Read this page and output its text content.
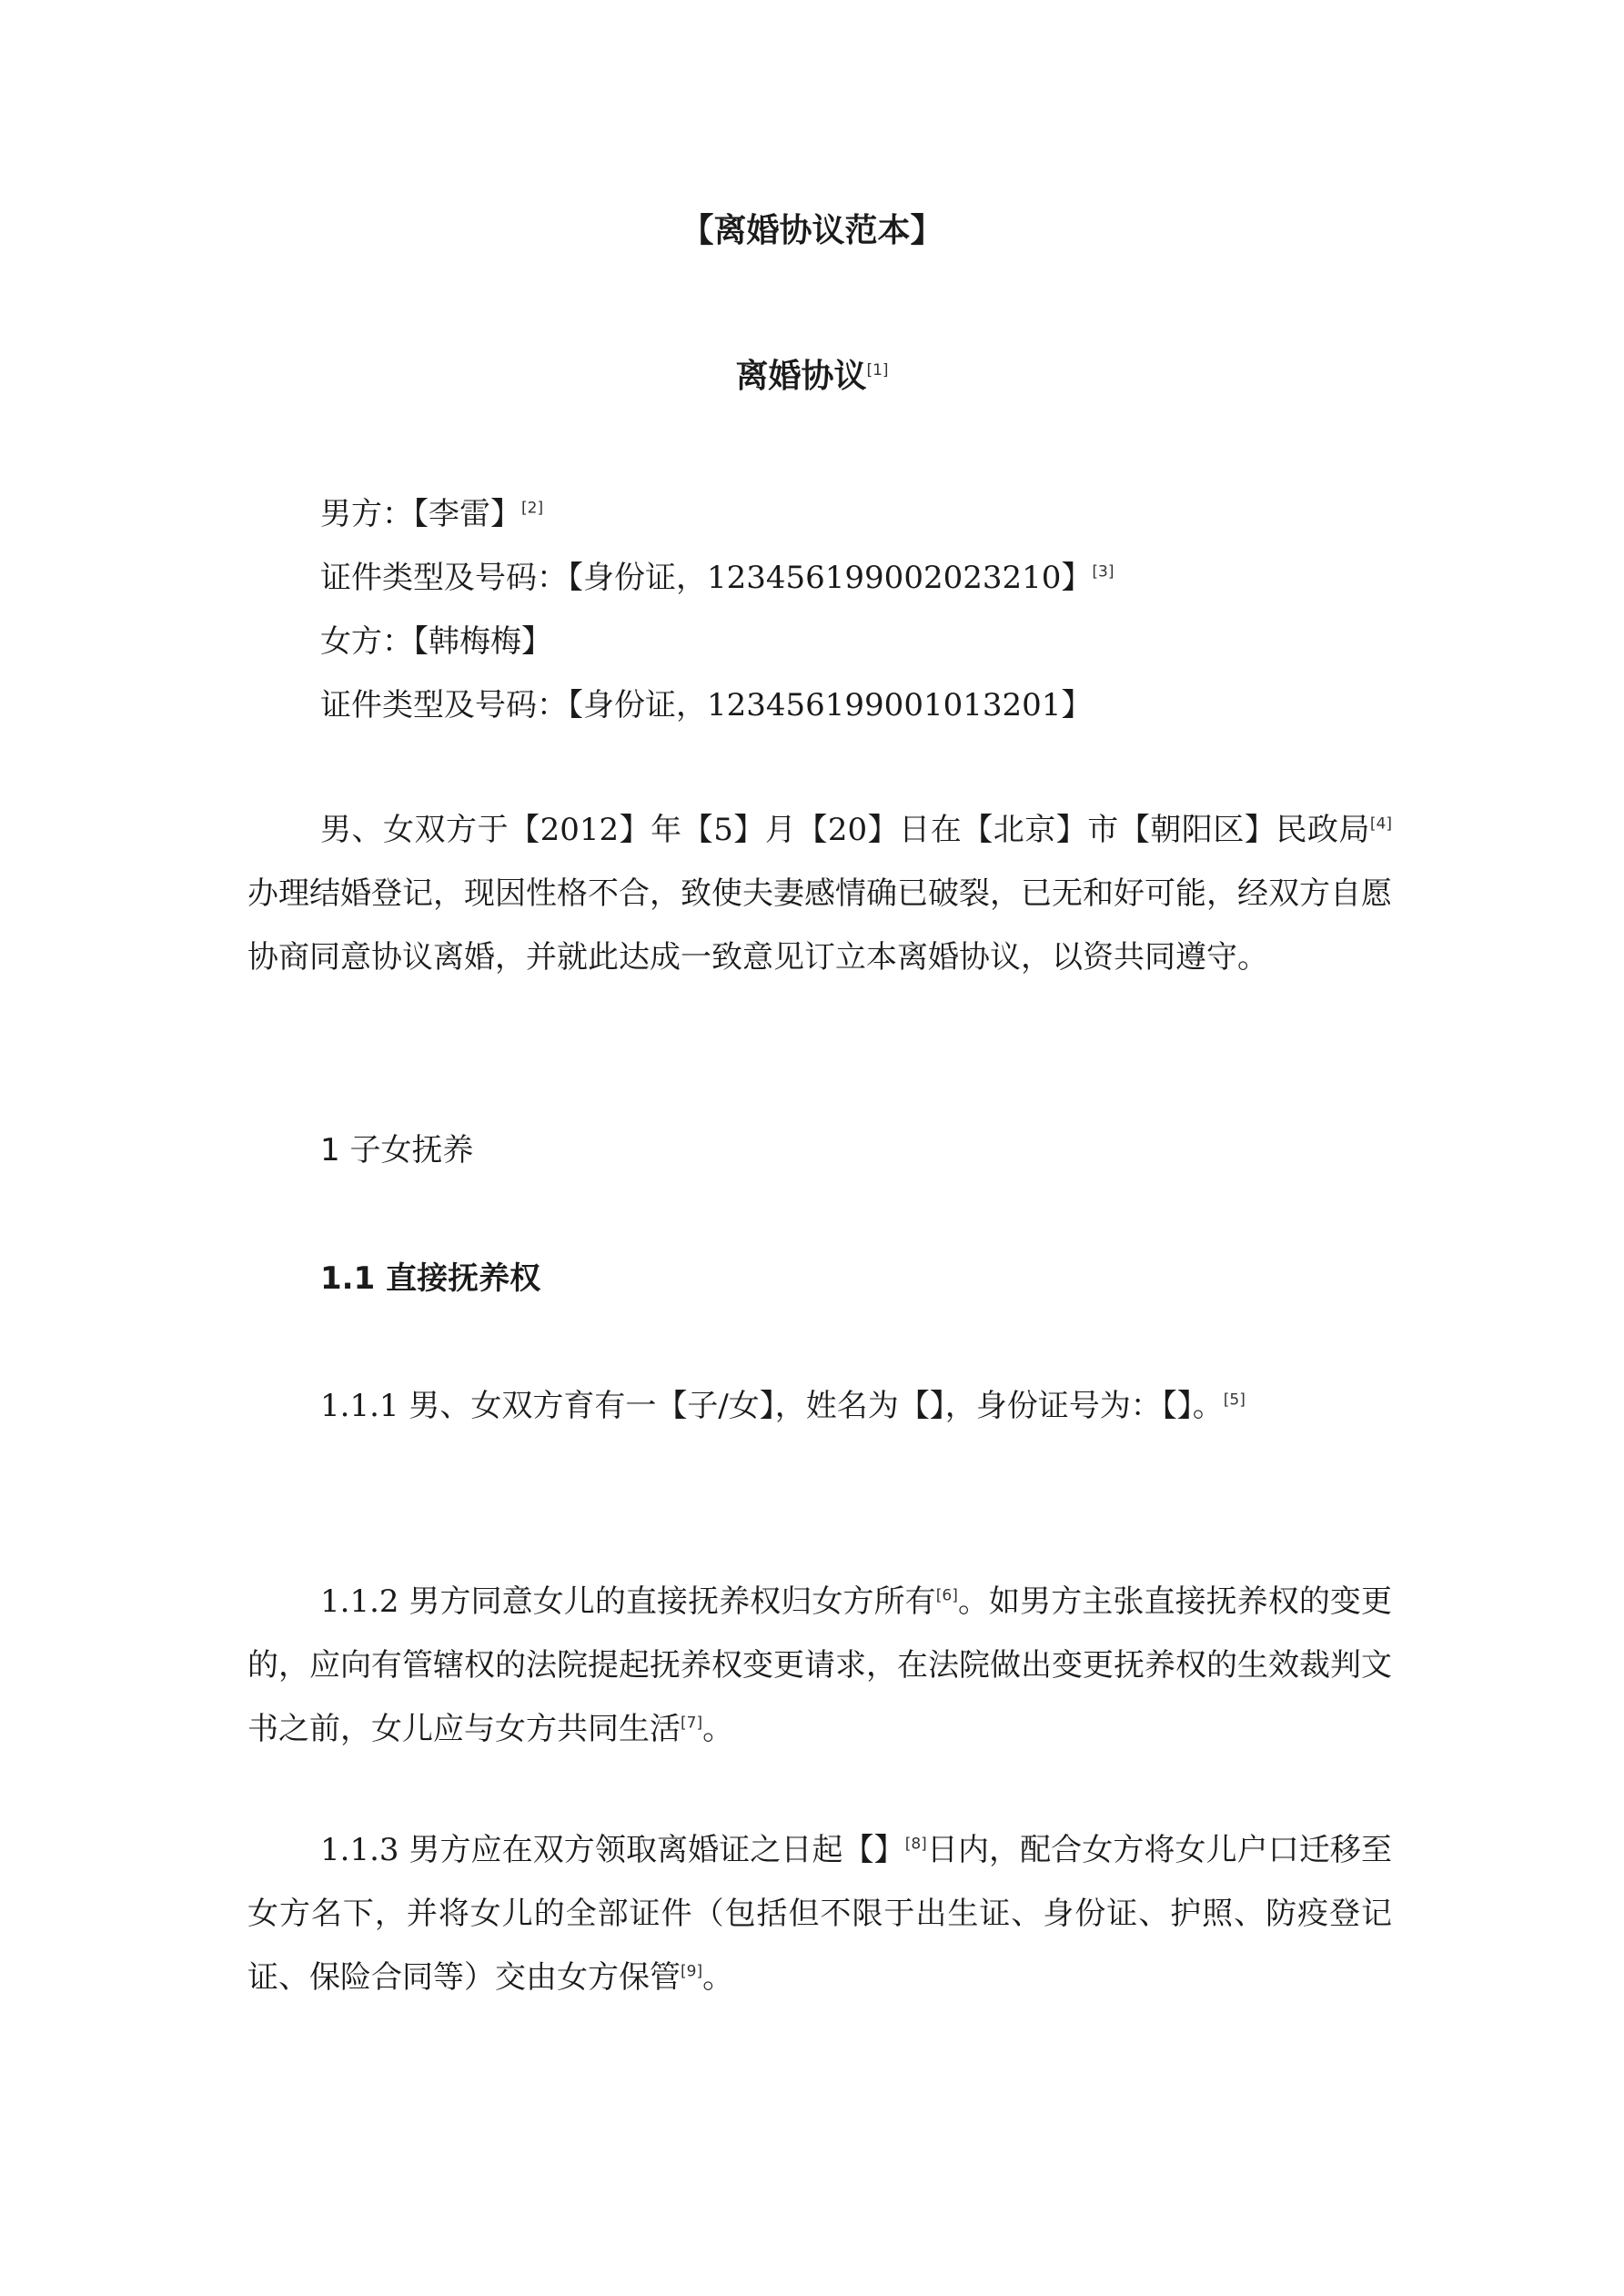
【离婚协议范本】
离婚协议[1]
男方：【李雷】[2]
证件类型及号码：【身份证，123456199002023210】[3]
女方：【韩梅梅】
证件类型及号码：【身份证，123456199001013201】

男、女双方于【2012】年【5】月【20】日在【北京】市【朝阳区】民政局[4]办理结婚登记，现因性格不合，致使夫妻感情确已破裂，已无和好可能，经双方自愿协商同意协议离婚，并就此达成一致意见订立本离婚协议，以资共同遵守。

1 子女抚养
1.1 直接抚养权

1.1.1 男、女双方育有一【子/女】，姓名为【】，身份证号为：【】。[5]

1.1.2 男方同意女儿的直接抚养权归女方所有[6]。如男方主张直接抚养权的变更的，应向有管辖权的法院提起抚养权变更请求，在法院做出变更抚养权的生效裁判文书之前，女儿应与女方共同生活[7]。

1.1.3 男方应在双方领取离婚证之日起【】[8]日内，配合女方将女儿户口迁移至女方名下，并将女儿的全部证件（包括但不限于出生证、身份证、护照、防疫登记证、保险合同等）交由女方保管[9]。
